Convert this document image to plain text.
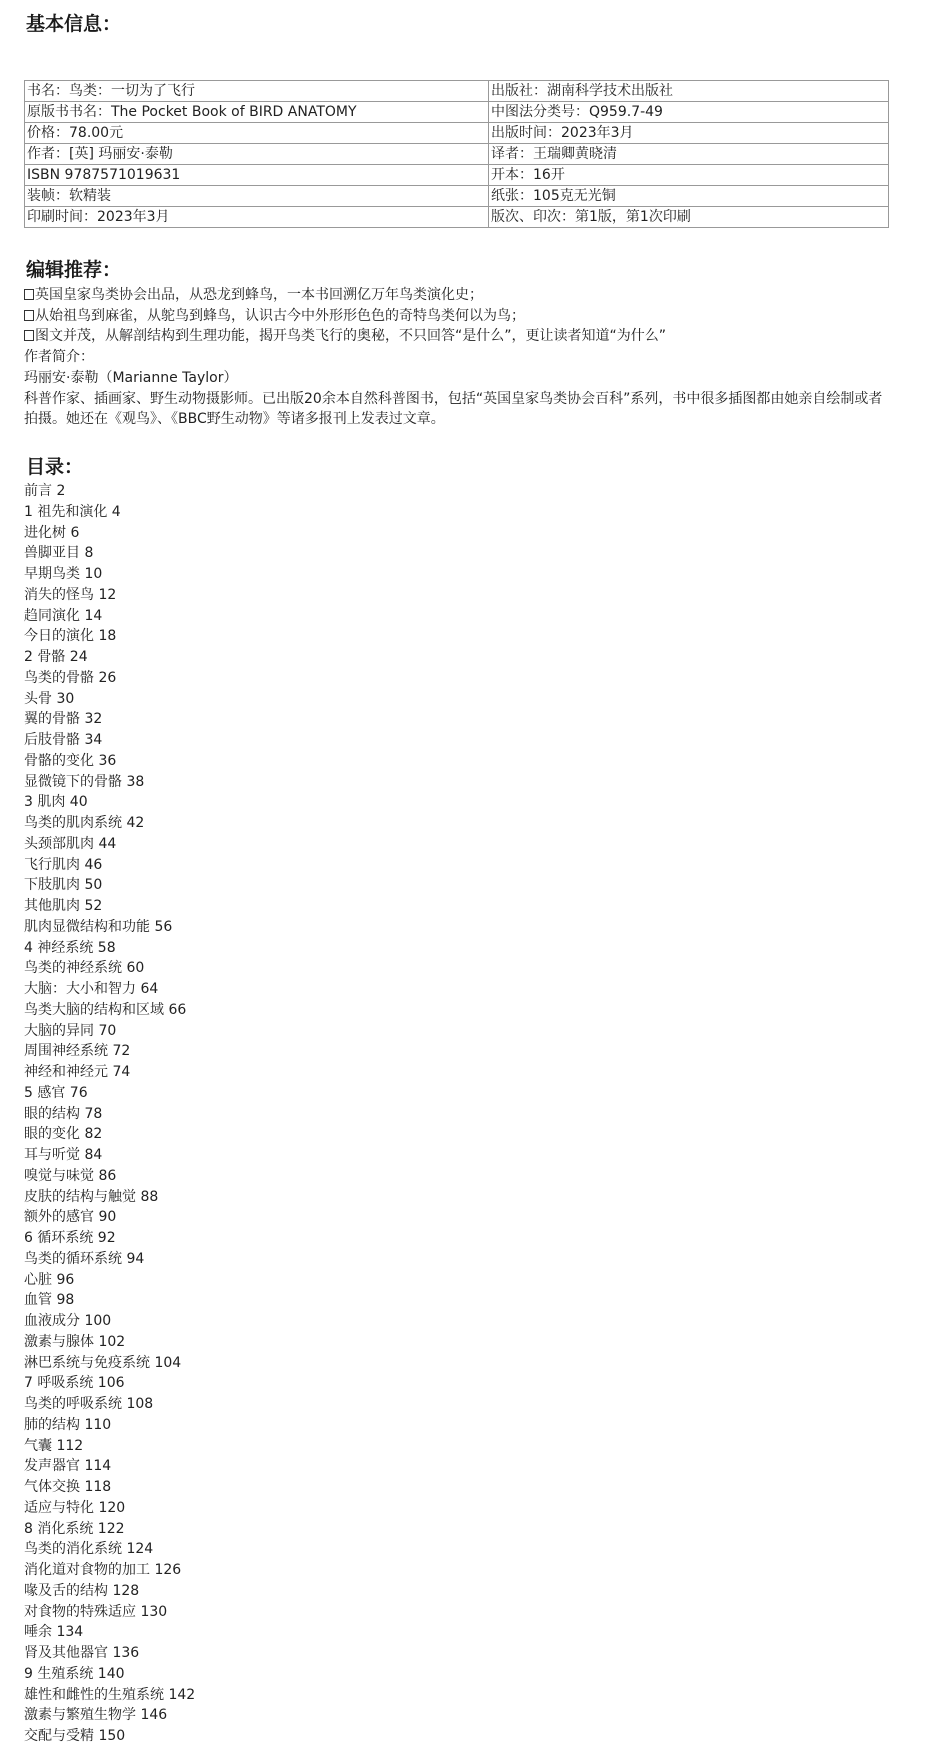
基本信息：
书名：鸟类：一切为了飞行	出版社：湖南科学技术出版社
原版书书名：The Pocket Book of BIRD ANATOMY	中图法分类号：Q959.7-49
价格：78.00元	出版时间：2023年3月
作者：[英] 玛丽安·泰勒	译者：王瑞卿黄晓清
ISBN 9787571019631	开本：16开
装帧：软精装	纸张：105克无光铜
印刷时间：2023年3月	版次、印次：第1版，第1次印刷
编辑推荐：
英国皇家鸟类协会出品，从恐龙到蜂鸟，一本书回溯亿万年鸟类演化史；
从始祖鸟到麻雀，从鸵鸟到蜂鸟，认识古今中外形形色色的奇特鸟类何以为鸟；
图文并茂，从解剖结构到生理功能，揭开鸟类飞行的奥秘，不只回答“是什么”，更让读者知道“为什么”
作者简介：
玛丽安·泰勒（Marianne Taylor）
科普作家、插画家、野生动物摄影师。已出版20余本自然科普图书，包括“英国皇家鸟类协会百科”系列，书中很多插图都由她亲自绘制或者拍摄。她还在《观鸟》、《BBC野生动物》等诸多报刊上发表过文章。
目录：
前言 2
1 祖先和演化 4
进化树 6
兽脚亚目 8
早期鸟类 10
消失的怪鸟 12
趋同演化 14
今日的演化 18
2 骨骼 24
鸟类的骨骼 26
头骨 30
翼的骨骼 32
后肢骨骼 34
骨骼的变化 36
显微镜下的骨骼 38
3 肌肉 40
鸟类的肌肉系统 42
头颈部肌肉 44
飞行肌肉 46
下肢肌肉 50
其他肌肉 52
肌肉显微结构和功能 56
4 神经系统 58
鸟类的神经系统 60
大脑：大小和智力 64
鸟类大脑的结构和区域 66
大脑的异同 70
周围神经系统 72
神经和神经元 74
5 感官 76
眼的结构 78
眼的变化 82
耳与听觉 84
嗅觉与味觉 86
皮肤的结构与触觉 88
额外的感官 90
6 循环系统 92
鸟类的循环系统 94
心脏 96
血管 98
血液成分 100
激素与腺体 102
淋巴系统与免疫系统 104
7 呼吸系统 106
鸟类的呼吸系统 108
肺的结构 110
气囊 112
发声器官 114
气体交换 118
适应与特化 120
8 消化系统 122
鸟类的消化系统 124
消化道对食物的加工 126
喙及舌的结构 128
对食物的特殊适应 130
唾余 134
肾及其他器官 136
9 生殖系统 140
雄性和雌性的生殖系统 142
激素与繁殖生物学 146
交配与受精 150
